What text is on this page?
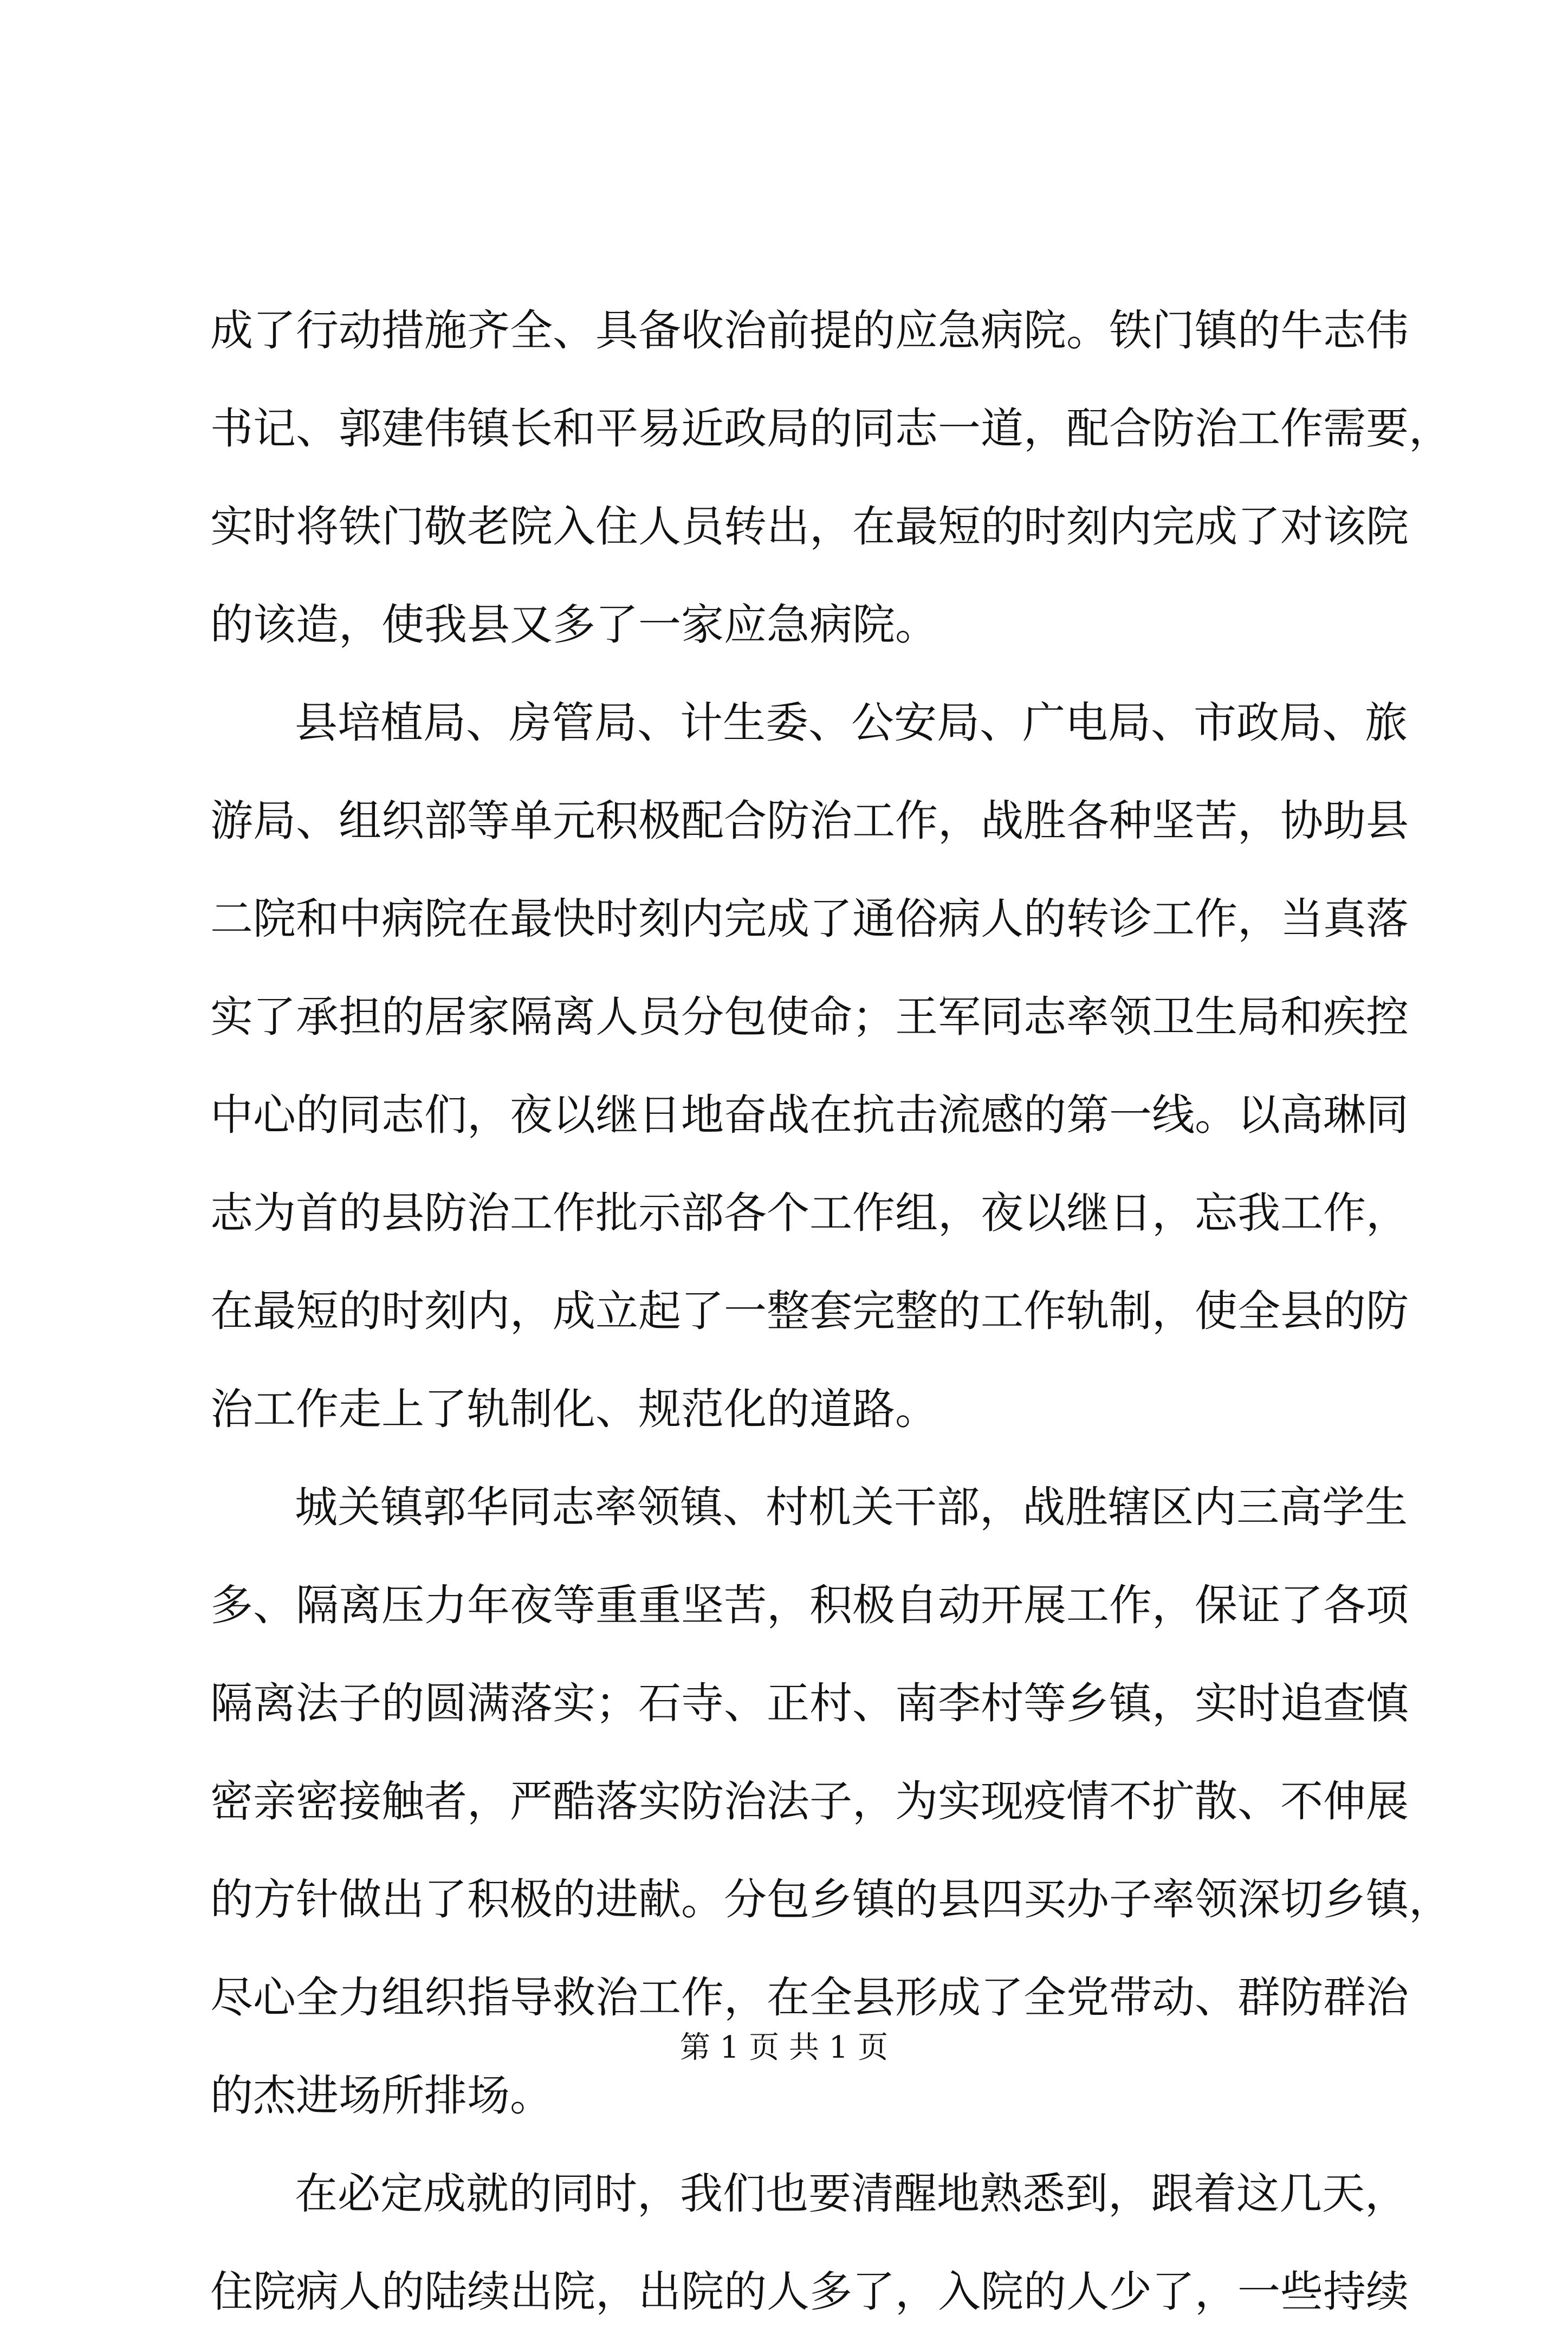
成了行动措施齐全、具备收治前提的应急病院。铁门镇的牛志伟
书记、郭建伟镇长和平易近政局的同志一道，配合防治工作需要，
实时将铁门敬老院入住人员转出，在最短的时刻内完成了对该院
的该造，使我县又多了一家应急病院。
县培植局、房管局、计生委、公安局、广电局、市政局、旅
游局、组织部等单元积极配合防治工作，战胜各种坚苦，协助县
二院和中病院在最快时刻内完成了通俗病人的转诊工作，当真落
实了承担的居家隔离人员分包使命；王军同志率领卫生局和疾控
中心的同志们，夜以继日地奋战在抗击流感的第一线。以高琳同
志为首的县防治工作批示部各个工作组，夜以继日，忘我工作，
在最短的时刻内，成立起了一整套完整的工作轨制，使全县的防
治工作走上了轨制化、规范化的道路。
城关镇郭华同志率领镇、村机关干部，战胜辖区内三高学生
多、隔离压力年夜等重重坚苦，积极自动开展工作，保证了各项
隔离法子的圆满落实；石寺、正村、南李村等乡镇，实时追查慎
密亲密接触者，严酷落实防治法子，为实现疫情不扩散、不伸展
的方针做出了积极的进献。分包乡镇的县四买办子率领深切乡镇，
尽心全力组织指导救治工作，在全县形成了全党带动、群防群治
的杰进场所排场。
在必定成就的同时，我们也要清醒地熟悉到，跟着这几天，
住院病人的陆续出院，出院的人多了，入院的人少了，一些持续
第 1 页 共 1 页
